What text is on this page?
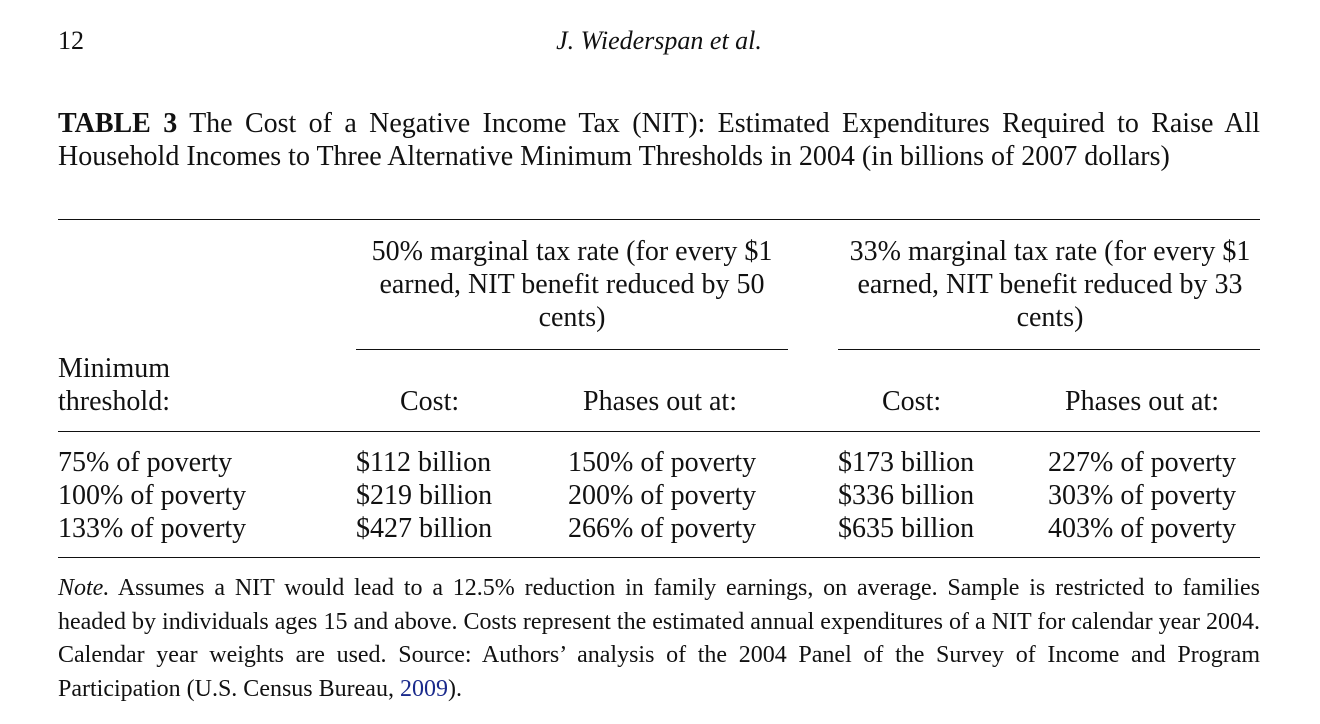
12	J. Wiederspan et al.
TABLE 3 The Cost of a Negative Income Tax (NIT): Estimated Expenditures Required to Raise All Household Incomes to Three Alternative Minimum Thresholds in 2004 (in billions of 2007 dollars)
50% marginal tax rate (for every $1 earned, NIT benefit reduced by 50 cents)
33% marginal tax rate (for every $1 earned, NIT benefit reduced by 33 cents)
Minimum
threshold:	Cost:	Phases out at:	Cost:	Phases out at:
75% of poverty	$112 billion	150% of poverty	$173 billion	227% of poverty
100% of poverty	$219 billion	200% of poverty	$336 billion	303% of poverty
133% of poverty	$427 billion	266% of poverty	$635 billion	403% of poverty
Note. Assumes a NIT would lead to a 12.5% reduction in family earnings, on average. Sample is restricted to families headed by individuals ages 15 and above. Costs represent the estimated annual expenditures of a NIT for calendar year 2004. Calendar year weights are used. Source: Authors’ analysis of the 2004 Panel of the Survey of Income and Program Participation (U.S. Census Bureau, 2009).
